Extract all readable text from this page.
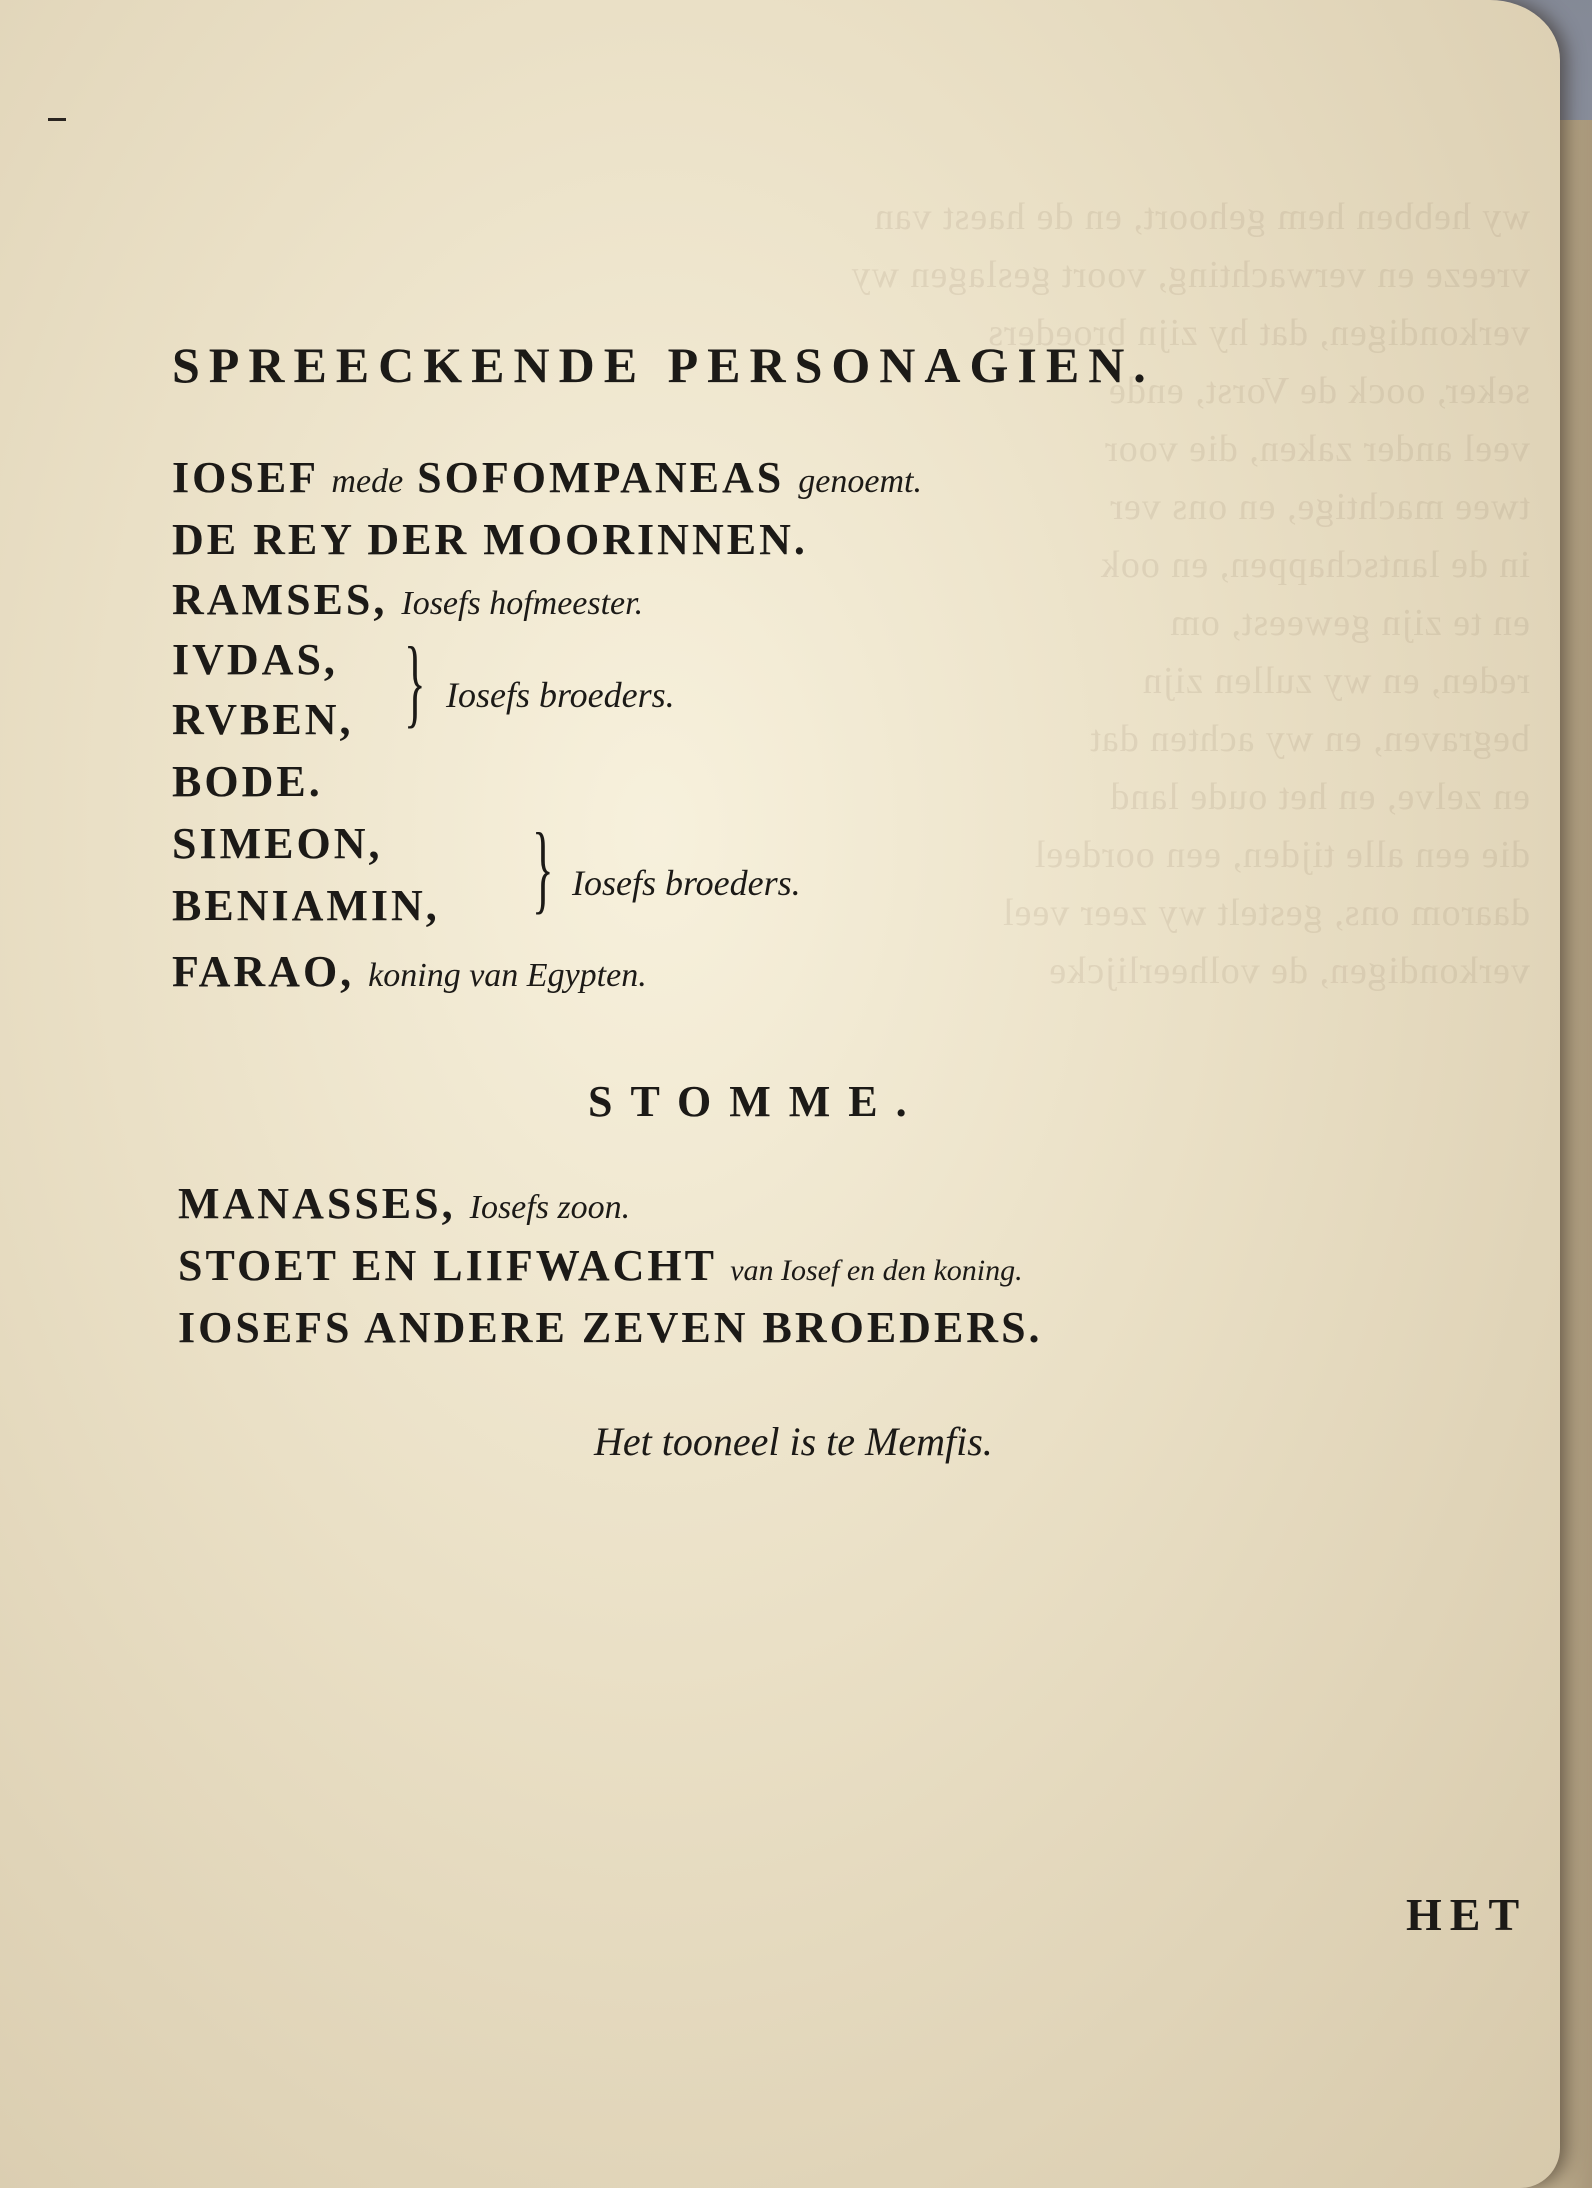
wy hebben hem gehoort, en de haest van
vreeze en verwachting, voort geslagen wy
verkondigen, dat hy zijn broeders
seker, oock de Vorst, ende
veel ander zaken, die voor
twee machtige, en ons ver
in de lantschappen, en ook
en te zijn geweest, om
reden, en wy zullen zijn
begraven, en wy achten dat
en zelve, en het oude land
die een alle tijden, een oordeel
daarom ons, gestelt wy zeer veel
verkondigen, de volheerlijcke

SPREECKENDE PERSONAGIEN.
IOSEF mede SOFOMPANEAS genoemt.
DE REY DER MOORINNEN.
RAMSES, Iosefs hofmeester.
IVDAS,
RVBEN, } Iosefs broeders.
BODE.
SIMEON,
BENIAMIN, } Iosefs broeders.
FARAO, koning van Egypten.
STOMME.
MANASSES, Iosefs zoon.
STOET EN LIIFWACHT van Iosef en den koning.
IOSEFS ANDERE ZEVEN BROEDERS.
Het tooneel is te Memfis.
HET
